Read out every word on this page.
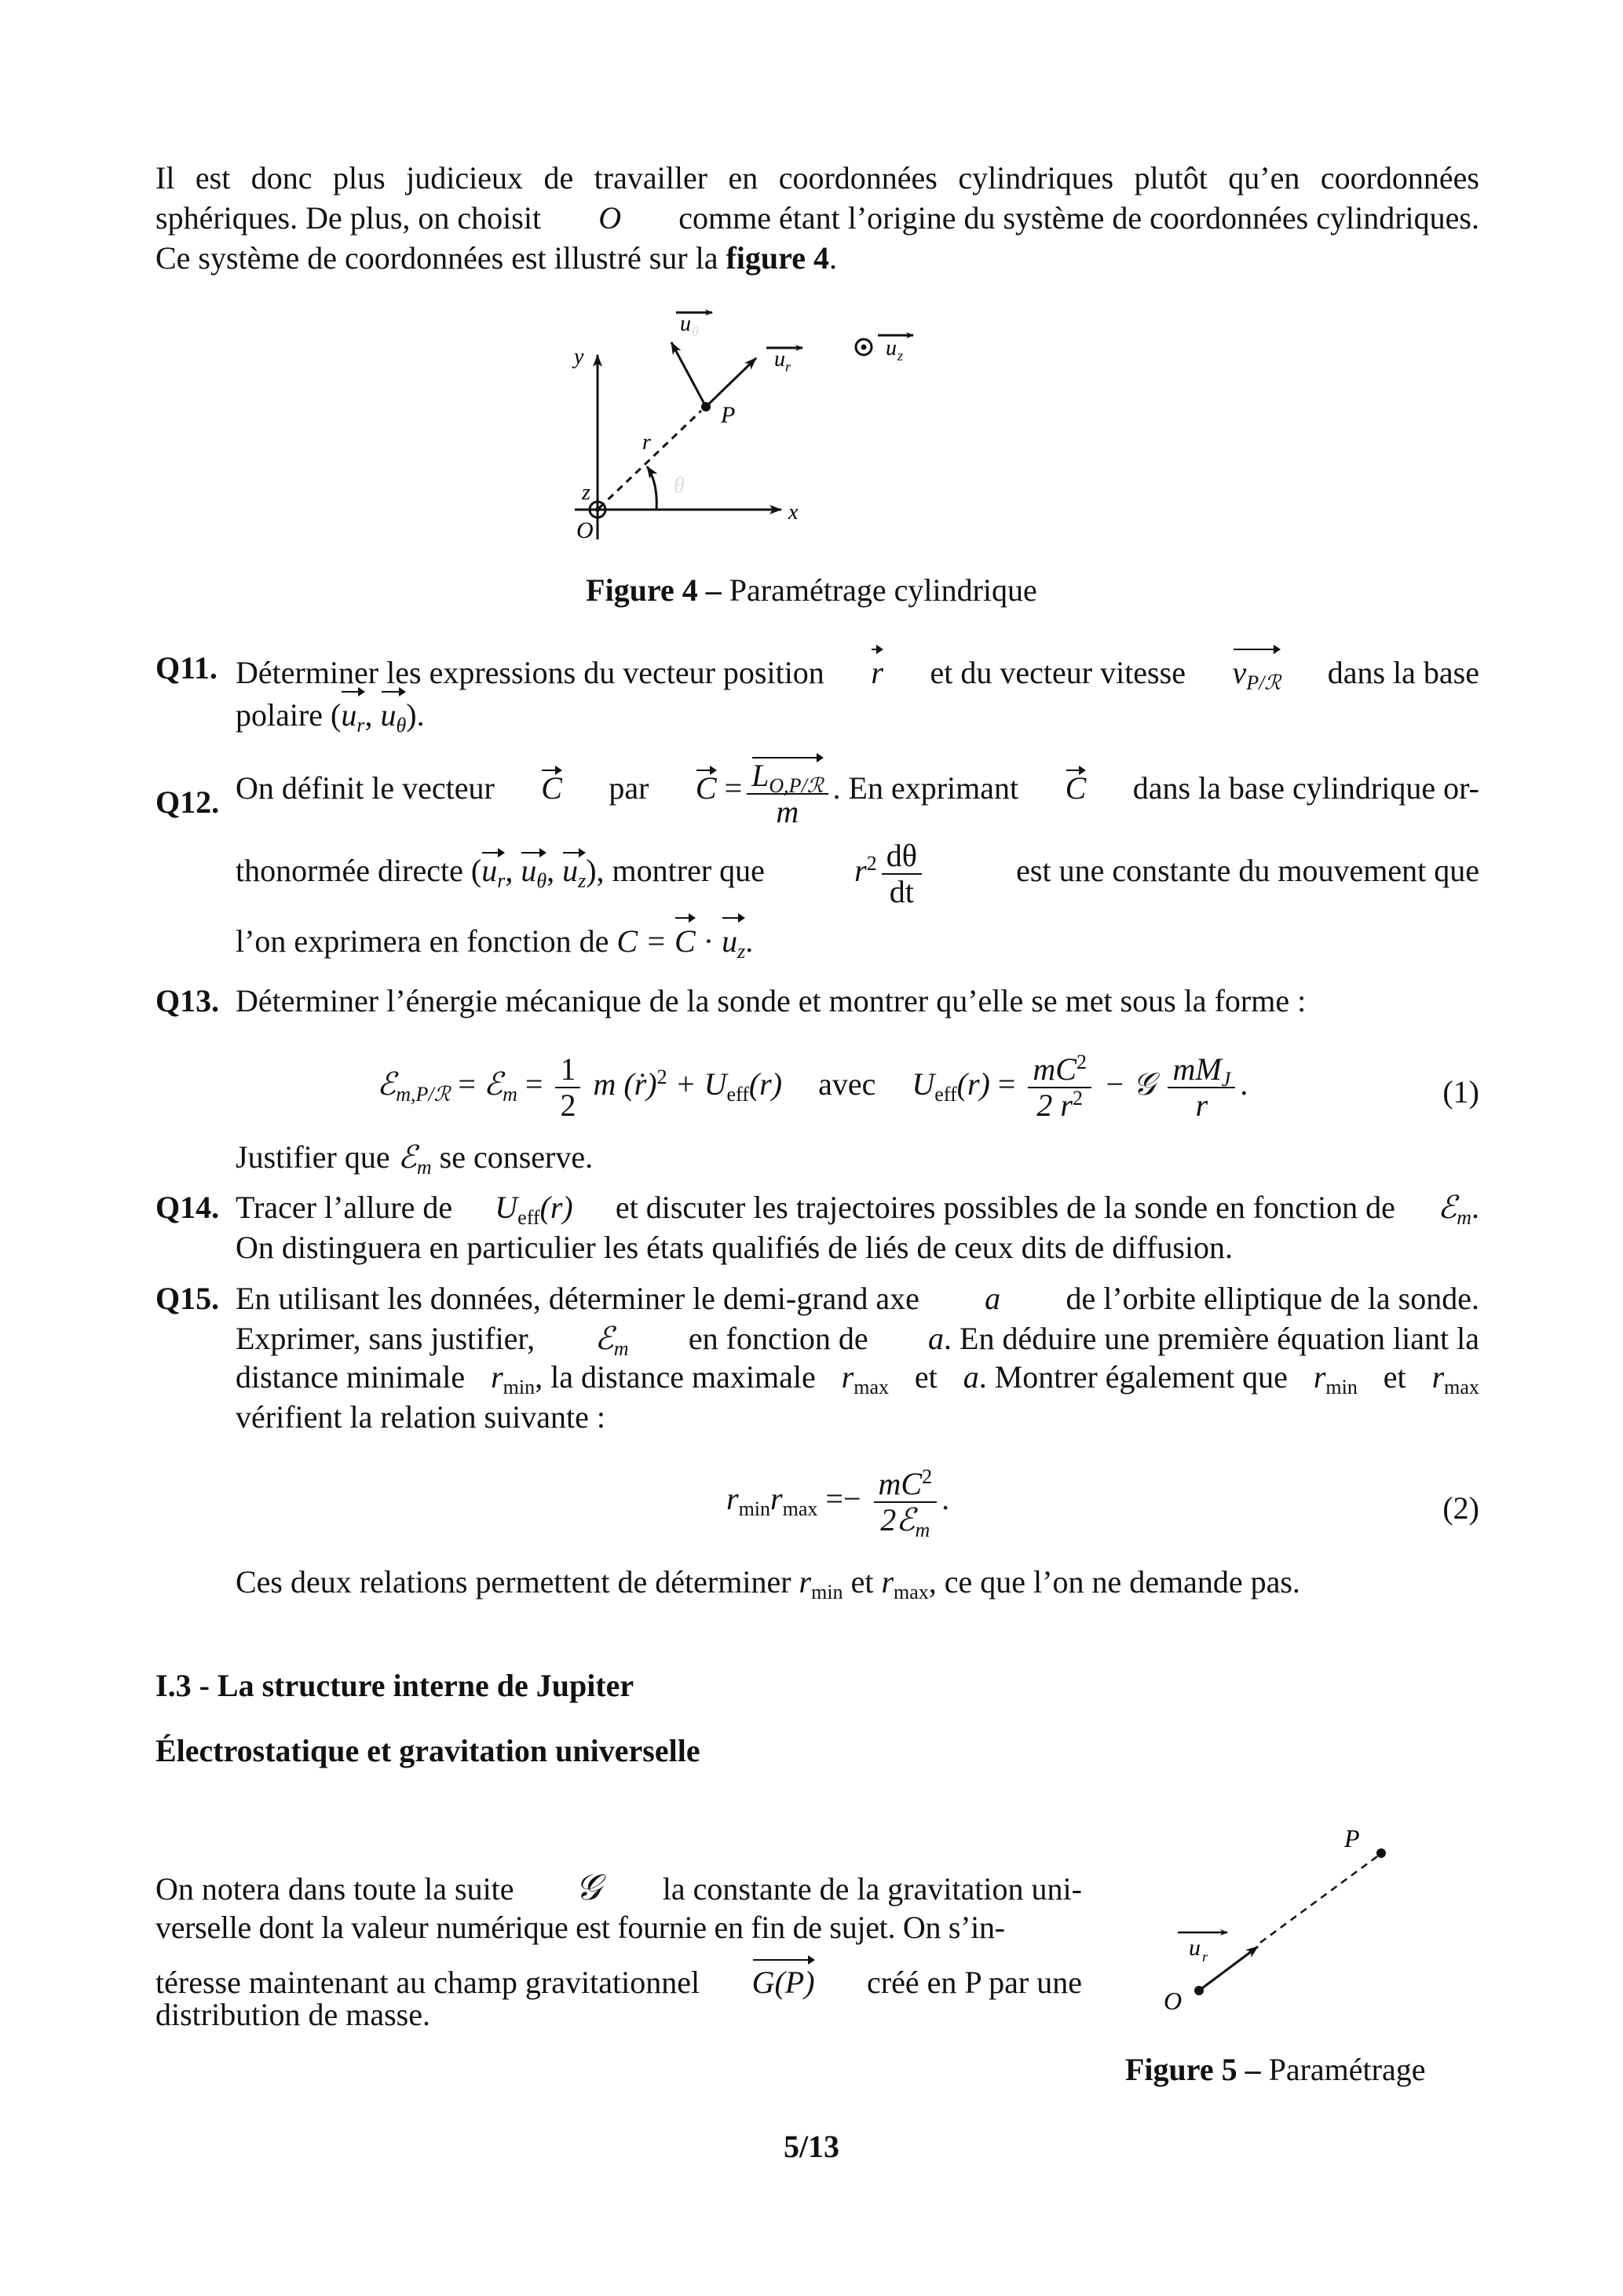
Il est donc plus judicieux de travailler en coordonnées cylindriques plutôt qu’en coordonnées
sphériques. De plus, on choisit O comme étant l’origine du système de coordonnées cylindriques.
Ce système de coordonnées est illustré sur la figure 4.
y
x
z
O
P
r
θ
u θ
u r
u z
Figure 4 – Paramétrage cylindrique
Q11. Déterminer les expressions du vecteur position r et du vecteur vitesse $v_{P/ℛ}$ dans la base
polaire ($u_r$, $u_\theta$).
Q12. On définit le vecteur C par $C = \frac{L_{O,P/ℛ}}{m}$ . En exprimant C dans la base cylindrique or-
thonormée directe ($u_r$, $u_\theta$, $u_z$), montrer que	$r^2 \frac{d\theta}{dt}$	est une constante du mouvement que
l’on exprimera en fonction de $C = C \cdot u_z$.
Q13. Déterminer l’énergie mécanique de la sonde et montrer qu’elle se met sous la forme :
ℰ$_{m,P/ℛ}$ = ℰ$_m$ = $\frac{1}{2}$ m (ṙ)$^2$ + $U_{eff}(r)$ avec $U_{eff}(r) = \frac{mC^2}{2 r^2}$ − 𝒢 $\frac{mM_J}{r}$ .	(1)
Justifier que ℰ$_m$ se conserve.
Q14. Tracer l’allure de $U_{eff}(r)$ et discuter les trajectoires possibles de la sonde en fonction de ℰ$_m$.
On distinguera en particulier les états qualifiés de liés de ceux dits de diffusion.
Q15. En utilisant les données, déterminer le demi-grand axe a de l’orbite elliptique de la sonde.
Exprimer, sans justifier, ℰ$_m$ en fonction de a. En déduire une première équation liant la
distance minimale $r_{min}$, la distance maximale $r_{max}$ et a. Montrer également que $r_{min}$ et $r_{max}$
vérifient la relation suivante :
$r_{min}r_{max} =- \frac{mC^2}{2ℰ_m}$ .	(2)
Ces deux relations permettent de déterminer $r_{min}$ et $r_{max}$, ce que l’on ne demande pas.
I.3 - La structure interne de Jupiter
Électrostatique et gravitation universelle
On notera dans toute la suite 𝒢 la constante de la gravitation uni-
verselle dont la valeur numérique est fournie en fin de sujet. On s’in-
téresse maintenant au champ gravitationnel G(P) créé en P par une
distribution de masse.
P
O
u r
Figure 5 – Paramétrage
5/13
